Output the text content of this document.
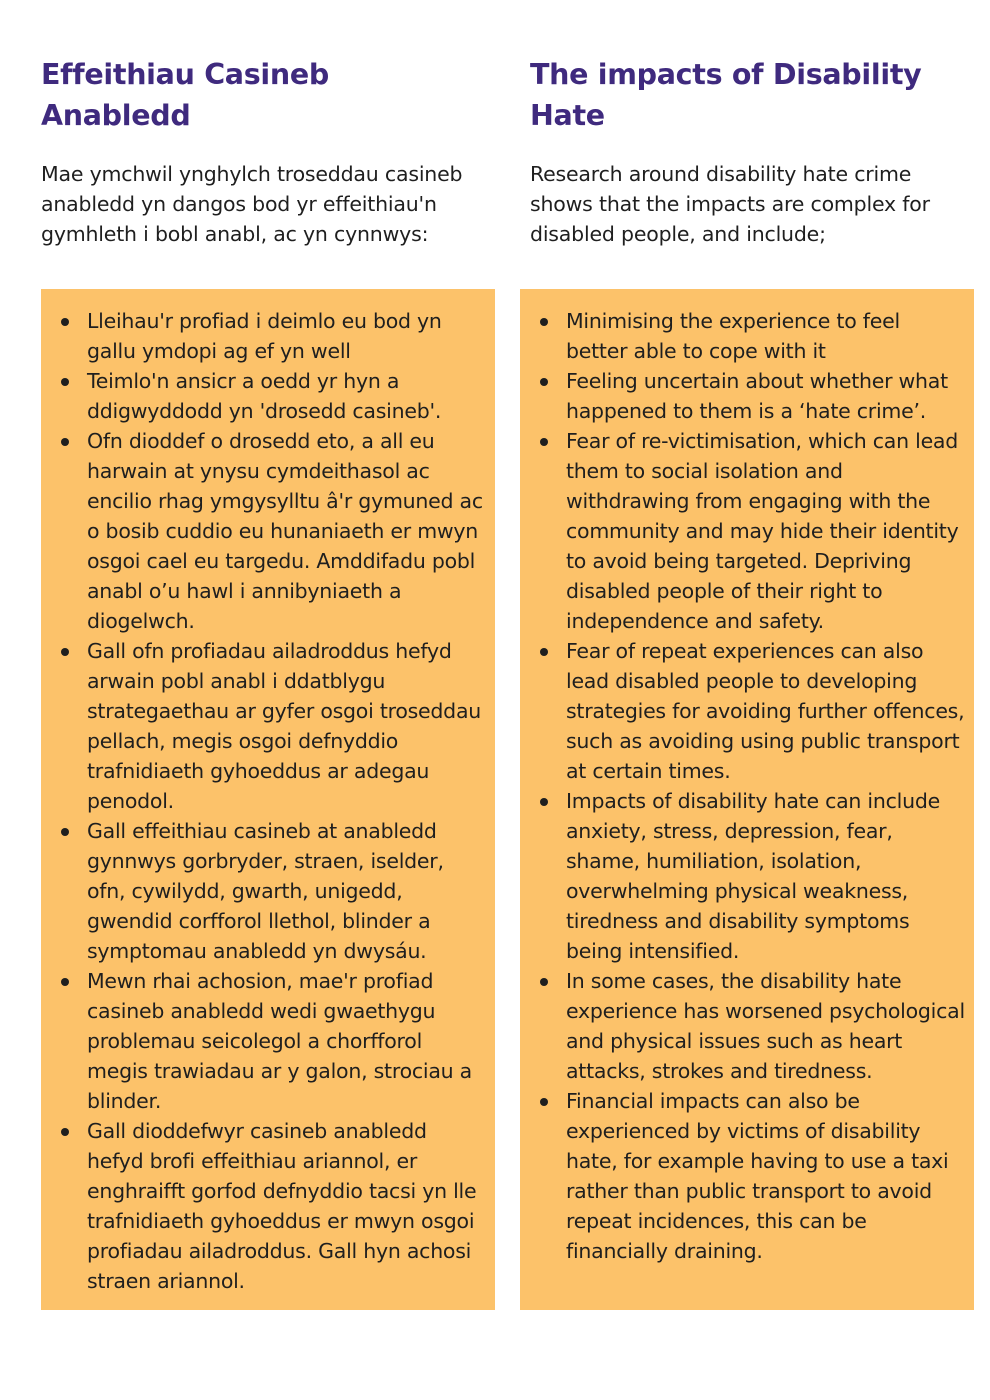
Effeithiau Casineb
Anabledd

Mae ymchwil ynghylch troseddau casineb anabledd yn dangos bod yr effeithiau'n gymhleth i bobl anabl, ac yn cynnwys:

The impacts of Disability
Hate

Research around disability hate crime shows that the impacts are complex for disabled people, and include;

Lleihau'r profiad i deimlo eu bod yn gallu ymdopi ag ef yn well
Teimlo'n ansicr a oedd yr hyn a ddigwyddodd yn 'drosedd casineb'.
Ofn dioddef o drosedd eto, a all eu harwain at ynysu cymdeithasol ac encilio rhag ymgysylltu â'r gymuned ac o bosib cuddio eu hunaniaeth er mwyn osgoi cael eu targedu. Amddifadu pobl anabl o’u hawl i annibyniaeth a diogelwch.
Gall ofn profiadau ailadroddus hefyd arwain pobl anabl i ddatblygu strategaethau ar gyfer osgoi troseddau pellach, megis osgoi defnyddio trafnidiaeth gyhoeddus ar adegau penodol.
Gall effeithiau casineb at anabledd gynnwys gorbryder, straen, iselder, ofn, cywilydd, gwarth, unigedd, gwendid corfforol llethol, blinder a symptomau anabledd yn dwysáu.
Mewn rhai achosion, mae'r profiad casineb anabledd wedi gwaethygu problemau seicolegol a chorfforol megis trawiadau ar y galon, strociau a blinder.
Gall dioddefwyr casineb anabledd hefyd brofi effeithiau ariannol, er enghraifft gorfod defnyddio tacsi yn lle trafnidiaeth gyhoeddus er mwyn osgoi profiadau ailadroddus. Gall hyn achosi straen ariannol.
Minimising the experience to feel better able to cope with it
Feeling uncertain about whether what happened to them is a ‘hate crime’.
Fear of re-victimisation, which can lead them to social isolation and withdrawing from engaging with the community and may hide their identity to avoid being targeted. Depriving disabled people of their right to independence and safety.
Fear of repeat experiences can also lead disabled people to developing strategies for avoiding further offences, such as avoiding using public transport at certain times.
Impacts of disability hate can include anxiety, stress, depression, fear, shame, humiliation, isolation, overwhelming physical weakness, tiredness and disability symptoms being intensified.
In some cases, the disability hate experience has worsened psychological and physical issues such as heart attacks, strokes and tiredness.
Financial impacts can also be experienced by victims of disability hate, for example having to use a taxi rather than public transport to avoid repeat incidences, this can be financially draining.
